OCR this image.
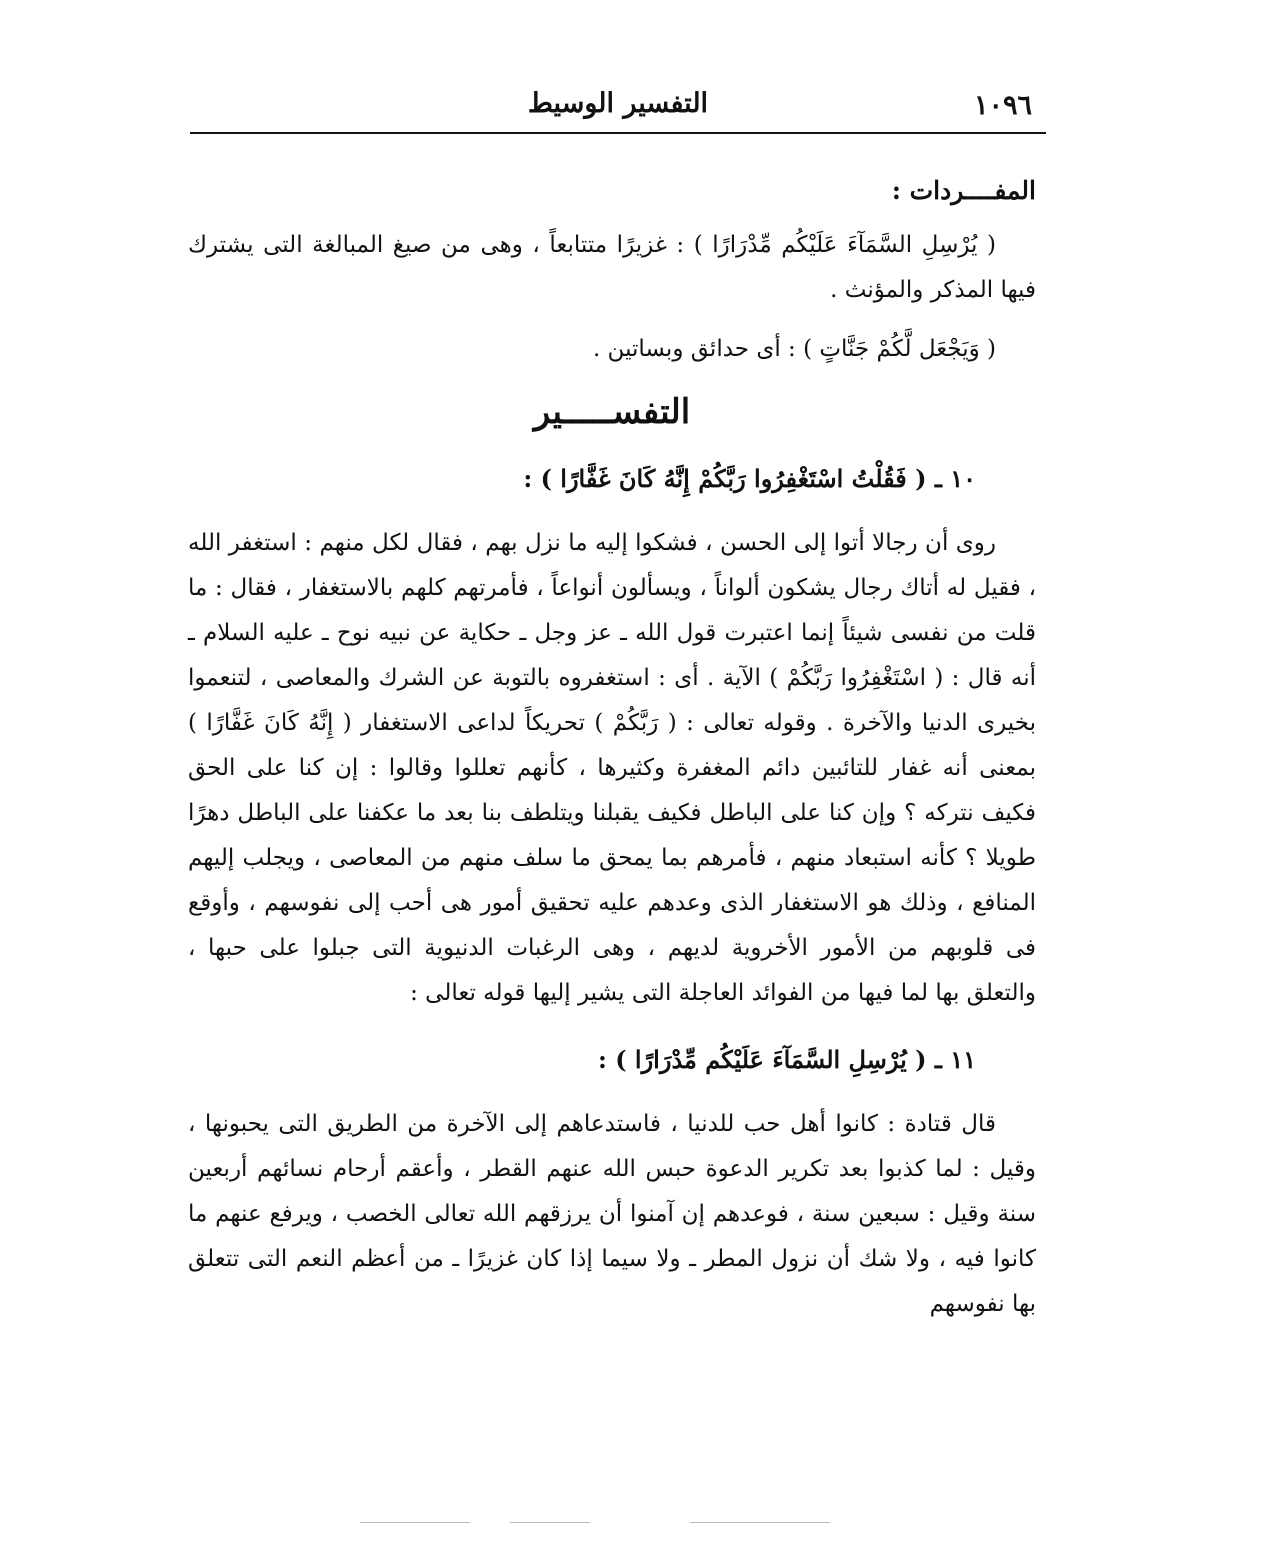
التفسير الوسيط	١٠٩٦
المفــــردات :

( يُرْسِلِ السَّمَآءَ عَلَيْكُم مِّدْرَارًا ) : غزيرًا متتابعاً ، وهى من صيغ المبالغة التى يشترك فيها المذكر والمؤنث .

( وَيَجْعَل لَّكُمْ جَنَّاتٍ ) : أى حدائق وبساتين .

التفســـــير
١٠ ـ ( فَقُلْتُ اسْتَغْفِرُوا رَبَّكُمْ إِنَّهُ كَانَ غَفَّارًا ) :

روى أن رجالا أتوا إلى الحسن ، فشكوا إليه ما نزل بهم ، فقال لكل منهم : استغفر الله ، فقيل له أتاك رجال يشكون ألواناً ، ويسألون أنواعاً ، فأمرتهم كلهم بالاستغفار ، فقال : ما قلت من نفسى شيئاً إنما اعتبرت قول الله ـ عز وجل ـ حكاية عن نبيه نوح ـ عليه السلام ـ أنه قال : ( اسْتَغْفِرُوا رَبَّكُمْ ) الآية . أى : استغفروه بالتوبة عن الشرك والمعاصى ، لتنعموا بخيرى الدنيا والآخرة . وقوله تعالى : ( رَبَّكُمْ ) تحريكاً لداعى الاستغفار ( إِنَّهُ كَانَ غَفَّارًا ) بمعنى أنه غفار للتائبين دائم المغفرة وكثيرها ، كأنهم تعللوا وقالوا : إن كنا على الحق فكيف نتركه ؟ وإن كنا على الباطل فكيف يقبلنا ويتلطف بنا بعد ما عكفنا على الباطل دهرًا طويلا ؟ كأنه استبعاد منهم ، فأمرهم بما يمحق ما سلف منهم من المعاصى ، ويجلب إليهم المنافع ، وذلك هو الاستغفار الذى وعدهم عليه تحقيق أمور هى أحب إلى نفوسهم ، وأوقع فى قلوبهم من الأمور الأخروية لديهم ، وهى الرغبات الدنيوية التى جبلوا على حبها ، والتعلق بها لما فيها من الفوائد العاجلة التى يشير إليها قوله تعالى :

١١ ـ ( يُرْسِلِ السَّمَآءَ عَلَيْكُم مِّدْرَارًا ) :

قال قتادة : كانوا أهل حب للدنيا ، فاستدعاهم إلى الآخرة من الطريق التى يحبونها ، وقيل : لما كذبوا بعد تكرير الدعوة حبس الله عنهم القطر ، وأعقم أرحام نسائهم أربعين سنة وقيل : سبعين سنة ، فوعدهم إن آمنوا أن يرزقهم الله تعالى الخصب ، ويرفع عنهم ما كانوا فيه ، ولا شك أن نزول المطر ـ ولا سيما إذا كان غزيرًا ـ من أعظم النعم التى تتعلق بها نفوسهم
